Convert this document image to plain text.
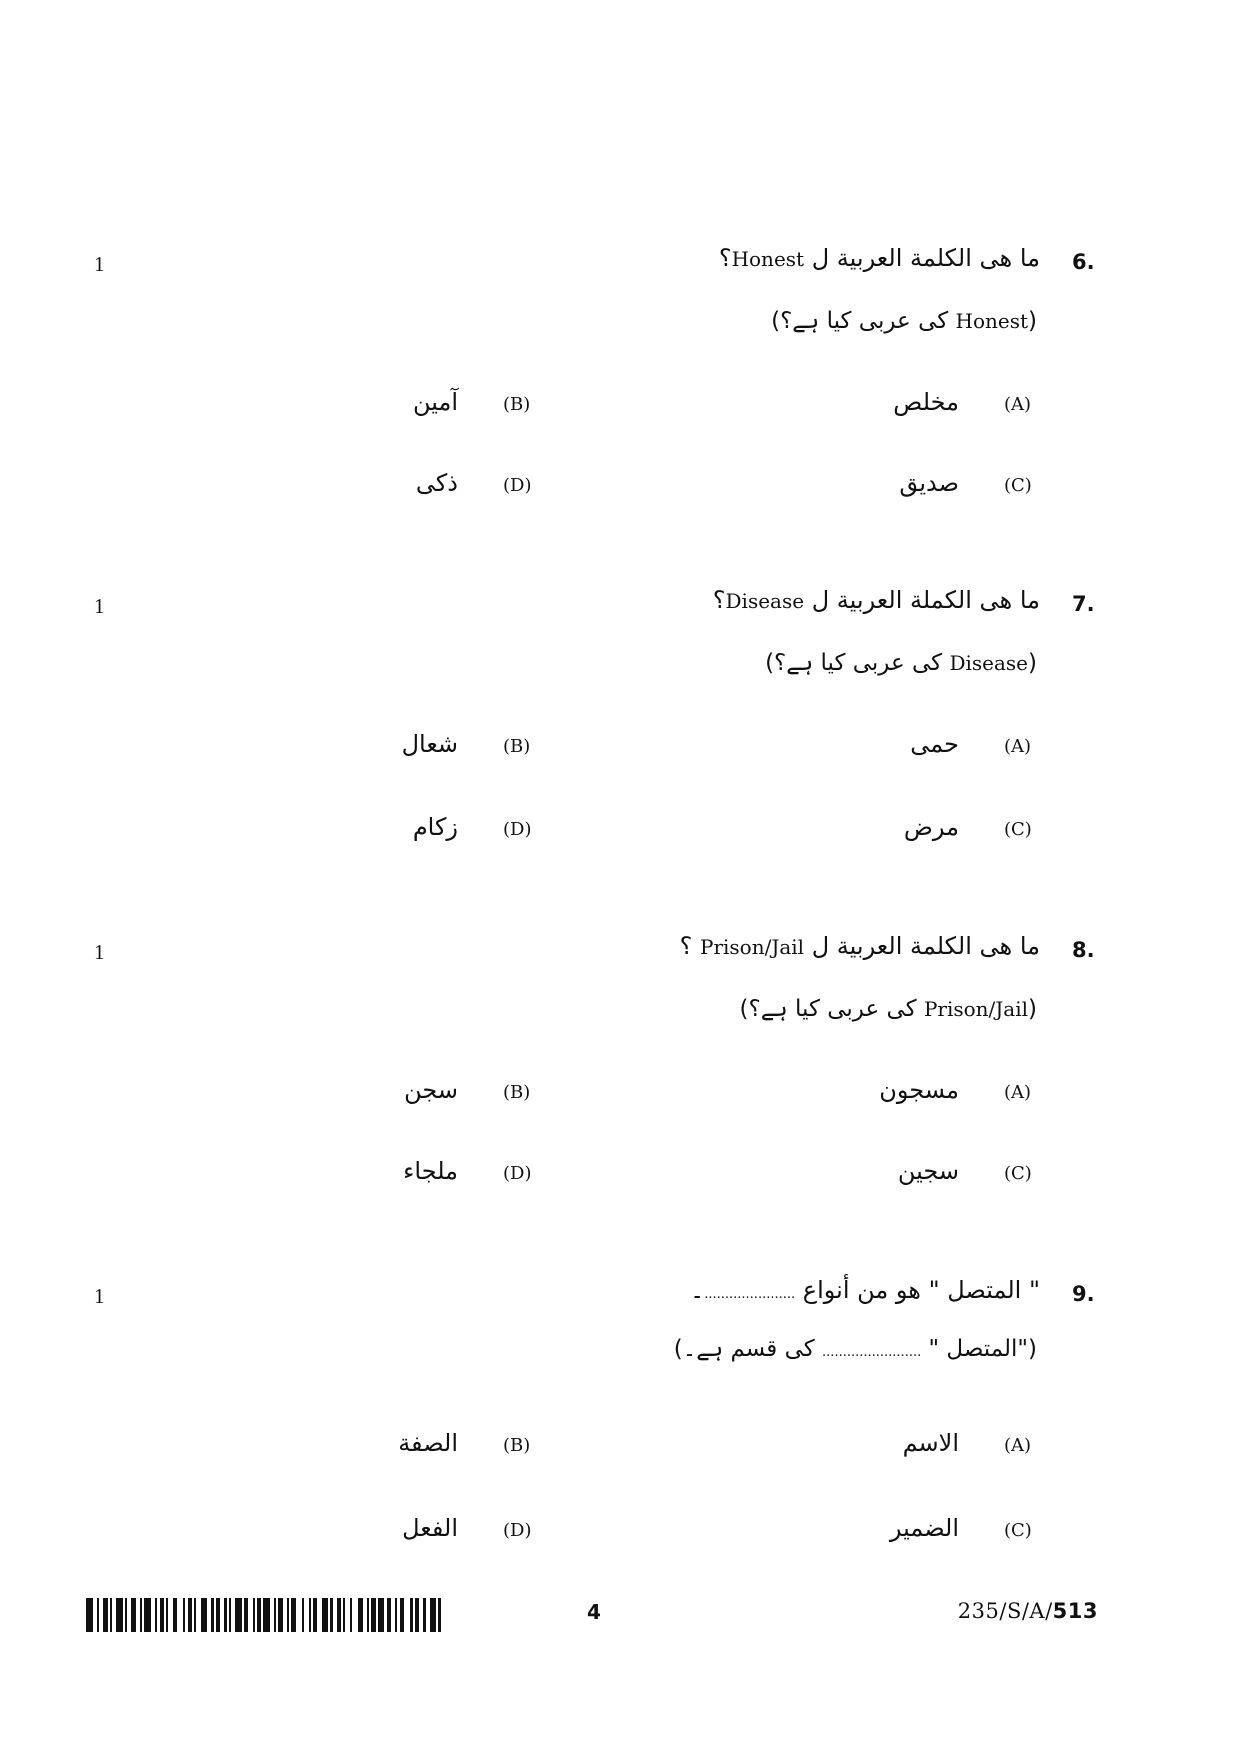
1	6.
ما هی الكلمة العربية ل Honest؟
(Honest کی عربی کیا ہے؟)
(A)
مخلص
(B)
آمين
(C)
صديق
(D)
ذكی
1	7.
ما هی الكملة العربية ل Disease؟
(Disease کی عربی کیا ہے؟)
(A)
حمی
(B)
شعال
(C)
مرض
(D)
زكام
1	8.
ما هی الكلمة العربية ل Prison/Jail ؟
(Prison/Jail کی عربی کیا ہے؟)
(A)
مسجون
(B)
سجن
(C)
سجين
(D)
ملجاء
1	9.
" المتصل " هو من أنواع ......................۔
("المتصل " ........................ کی قسم ہے۔)
(A)
الاسم
(B)
الصفة
(C)
الضمير
(D)
الفعل
4	235/S/A/513
